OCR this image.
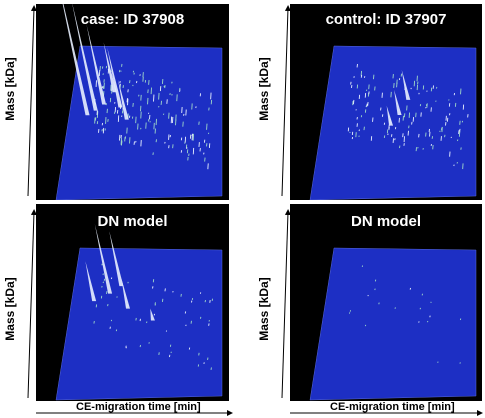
case: ID 37908	control: ID 37907
DN model	DN model
Mass [kDa]
Mass [kDa]
Mass [kDa]
Mass [kDa]
CE-migration time [min]	CE-migration time [min]
